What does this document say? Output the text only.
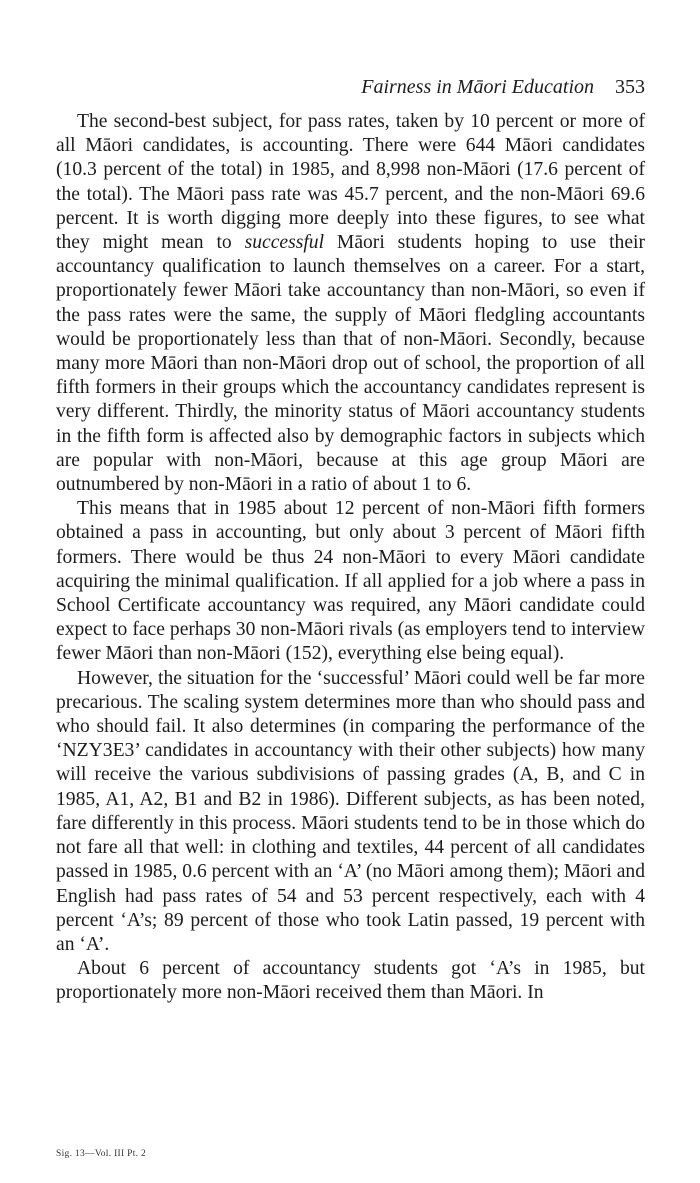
Fairness in Māori Education 353

The second-best subject, for pass rates, taken by 10 percent or more of all Māori candidates, is accounting. There were 644 Māori candidates (10.3 percent of the total) in 1985, and 8,998 non-Māori (17.6 percent of the total). The Māori pass rate was 45.7 percent, and the non-Māori 69.6 percent. It is worth digging more deeply into these figures, to see what they might mean to successful Māori students hoping to use their accountancy qualification to launch themselves on a career. For a start, proportionately fewer Māori take accountancy than non-Māori, so even if the pass rates were the same, the supply of Māori fledgling accountants would be proportionately less than that of non-Māori. Secondly, because many more Māori than non-Māori drop out of school, the proportion of all fifth formers in their groups which the accountancy candidates represent is very different. Thirdly, the minority status of Māori accountancy students in the fifth form is affected also by demographic factors in subjects which are popular with non-Māori, because at this age group Māori are outnumbered by non-Māori in a ratio of about 1 to 6.

This means that in 1985 about 12 percent of non-Māori fifth formers obtained a pass in accounting, but only about 3 percent of Māori fifth formers. There would be thus 24 non-Māori to every Māori candidate acquiring the minimal qualification. If all applied for a job where a pass in School Certificate accountancy was required, any Māori candidate could expect to face perhaps 30 non-Māori rivals (as employers tend to interview fewer Māori than non-Māori (152), everything else being equal).

However, the situation for the ‘successful’ Māori could well be far more precarious. The scaling system determines more than who should pass and who should fail. It also determines (in comparing the performance of the ‘NZY3E3’ candidates in accountancy with their other subjects) how many will receive the various subdivisions of passing grades (A, B, and C in 1985, A1, A2, B1 and B2 in 1986). Different subjects, as has been noted, fare differently in this process. Māori students tend to be in those which do not fare all that well: in clothing and textiles, 44 percent of all candidates passed in 1985, 0.6 percent with an ‘A’ (no Māori among them); Māori and English had pass rates of 54 and 53 percent respectively, each with 4 percent ‘A’s; 89 percent of those who took Latin passed, 19 percent with an ‘A’.

About 6 percent of accountancy students got ‘A’s in 1985, but proportionately more non-Māori received them than Māori. In

Sig. 13—Vol. III Pt. 2
